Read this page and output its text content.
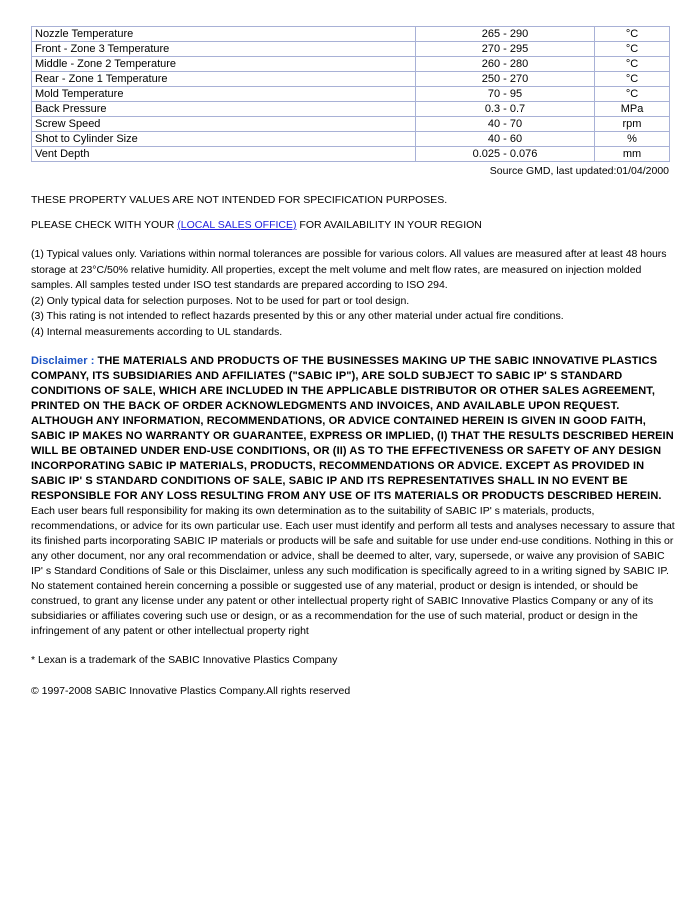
Nozzle Temperature	265 - 290	°C
Front - Zone 3 Temperature	270 - 295	°C
Middle - Zone 2 Temperature	260 - 280	°C
Rear - Zone 1 Temperature	250 - 270	°C
Mold Temperature	70 - 95	°C
Back Pressure	0.3 - 0.7	MPa
Screw Speed	40 - 70	rpm
Shot to Cylinder Size	40 - 60	%
Vent Depth	0.025 - 0.076	mm
Source GMD, last updated:01/04/2000

THESE PROPERTY VALUES ARE NOT INTENDED FOR SPECIFICATION PURPOSES.

PLEASE CHECK WITH YOUR (LOCAL SALES OFFICE) FOR AVAILABILITY IN YOUR REGION

(1) Typical values only. Variations within normal tolerances are possible for various colors. All values are measured after at least 48 hours storage at 23°C/50% relative humidity. All properties, except the melt volume and melt flow rates, are measured on injection molded samples. All samples tested under ISO test standards are prepared according to ISO 294.
(2) Only typical data for selection purposes. Not to be used for part or tool design.
(3) This rating is not intended to reflect hazards presented by this or any other material under actual fire conditions.
(4) Internal measurements according to UL standards.

Disclaimer : THE MATERIALS AND PRODUCTS OF THE BUSINESSES MAKING UP THE SABIC INNOVATIVE PLASTICS COMPANY, ITS SUBSIDIARIES AND AFFILIATES ("SABIC IP"), ARE SOLD SUBJECT TO SABIC IP' S STANDARD CONDITIONS OF SALE, WHICH ARE INCLUDED IN THE APPLICABLE DISTRIBUTOR OR OTHER SALES AGREEMENT, PRINTED ON THE BACK OF ORDER ACKNOWLEDGMENTS AND INVOICES, AND AVAILABLE UPON REQUEST. ALTHOUGH ANY INFORMATION, RECOMMENDATIONS, OR ADVICE CONTAINED HEREIN IS GIVEN IN GOOD FAITH, SABIC IP MAKES NO WARRANTY OR GUARANTEE, EXPRESS OR IMPLIED, (I) THAT THE RESULTS DESCRIBED HEREIN WILL BE OBTAINED UNDER END-USE CONDITIONS, OR (II) AS TO THE EFFECTIVENESS OR SAFETY OF ANY DESIGN INCORPORATING SABIC IP MATERIALS, PRODUCTS, RECOMMENDATIONS OR ADVICE. EXCEPT AS PROVIDED IN SABIC IP' S STANDARD CONDITIONS OF SALE, SABIC IP AND ITS REPRESENTATIVES SHALL IN NO EVENT BE RESPONSIBLE FOR ANY LOSS RESULTING FROM ANY USE OF ITS MATERIALS OR PRODUCTS DESCRIBED HEREIN. Each user bears full responsibility for making its own determination as to the suitability of SABIC IP' s materials, products, recommendations, or advice for its own particular use. Each user must identify and perform all tests and analyses necessary to assure that its finished parts incorporating SABIC IP materials or products will be safe and suitable for use under end-use conditions. Nothing in this or any other document, nor any oral recommendation or advice, shall be deemed to alter, vary, supersede, or waive any provision of SABIC IP' s Standard Conditions of Sale or this Disclaimer, unless any such modification is specifically agreed to in a writing signed by SABIC IP. No statement contained herein concerning a possible or suggested use of any material, product or design is intended, or should be construed, to grant any license under any patent or other intellectual property right of SABIC Innovative Plastics Company or any of its subsidiaries or affiliates covering such use or design, or as a recommendation for the use of such material, product or design in the infringement of any patent or other intellectual property right

* Lexan is a trademark of the SABIC Innovative Plastics Company
© 1997-2008 SABIC Innovative Plastics Company.All rights reserved
